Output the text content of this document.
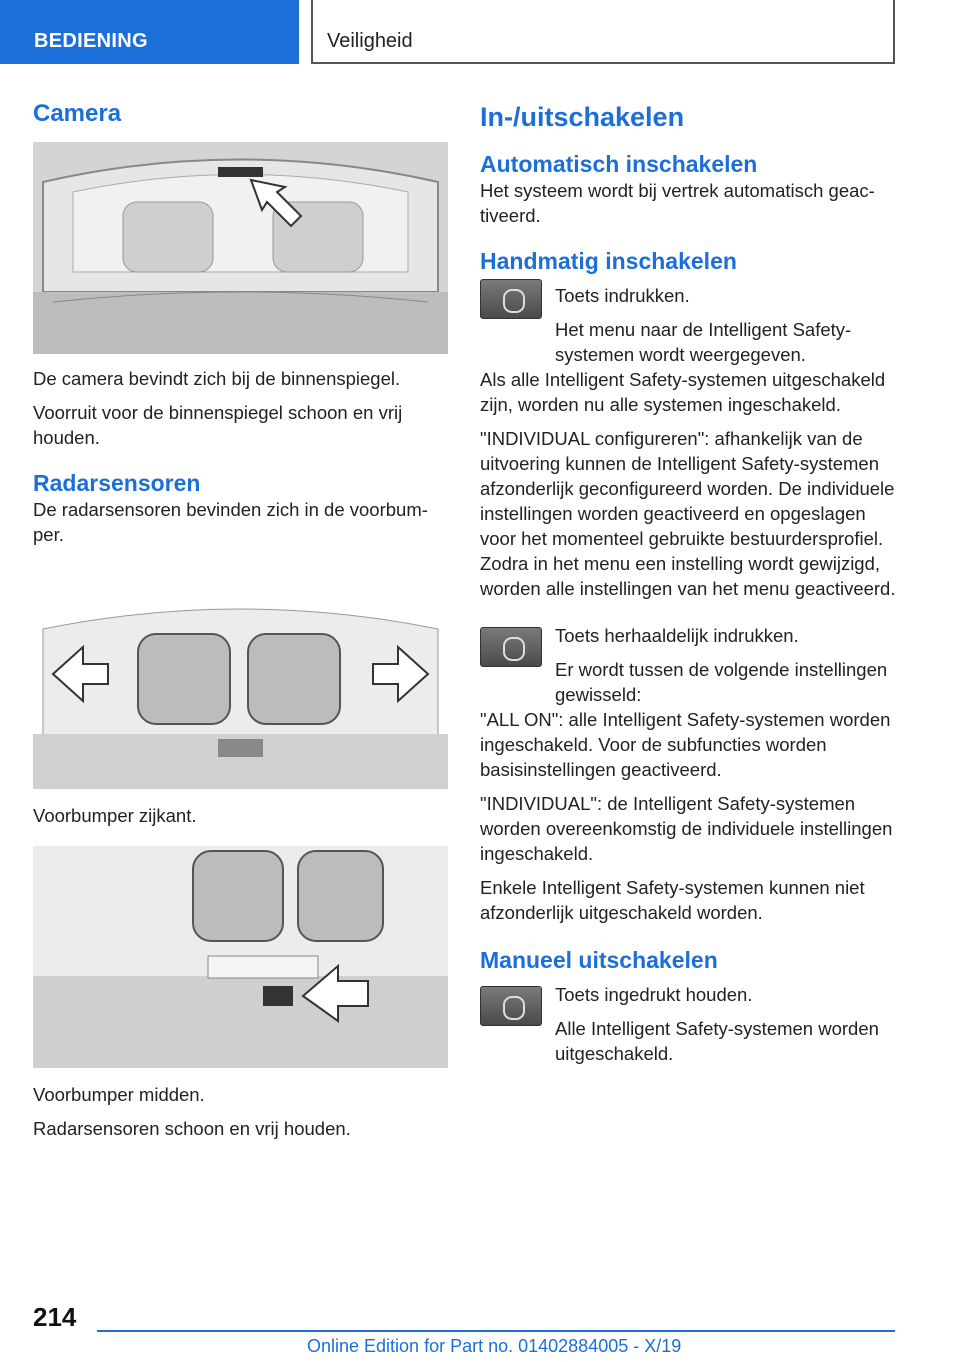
BEDIENING	Veiligheid
Camera

De camera bevindt zich bij de binnenspiegel.

Voorruit voor de binnenspiegel schoon en vrij houden.

Radarsensoren

De radarsensoren bevinden zich in de voorbumper.

Voorbumper zijkant.

Voorbumper midden.

Radarsensoren schoon en vrij houden.

In-/uitschakelen
Automatisch inschakelen

Het systeem wordt bij vertrek automatisch geactiveerd.

Handmatig inschakelen

Toets indrukken.

Het menu naar de Intelligent Safety-systemen wordt weergegeven.

Als alle Intelligent Safety-systemen uitgeschakeld zijn, worden nu alle systemen ingeschakeld.

"INDIVIDUAL configureren": afhankelijk van de uitvoering kunnen de Intelligent Safety-systemen afzonderlijk geconfigureerd worden. De individuele instellingen worden geactiveerd en opgeslagen voor het momenteel gebruikte bestuurdersprofiel. Zodra in het menu een instelling wordt gewijzigd, worden alle instellingen van het menu geactiveerd.

Toets herhaaldelijk indrukken.

Er wordt tussen de volgende instellingen gewisseld:

"ALL ON": alle Intelligent Safety-systemen worden ingeschakeld. Voor de subfuncties worden basisinstellingen geactiveerd.

"INDIVIDUAL": de Intelligent Safety-systemen worden overeenkomstig de individuele instellingen ingeschakeld.

Enkele Intelligent Safety-systemen kunnen niet afzonderlijk uitgeschakeld worden.

Manueel uitschakelen

Toets ingedrukt houden.

Alle Intelligent Safety-systemen worden uitgeschakeld.

214
Online Edition for Part no. 01402884005 - X/19
